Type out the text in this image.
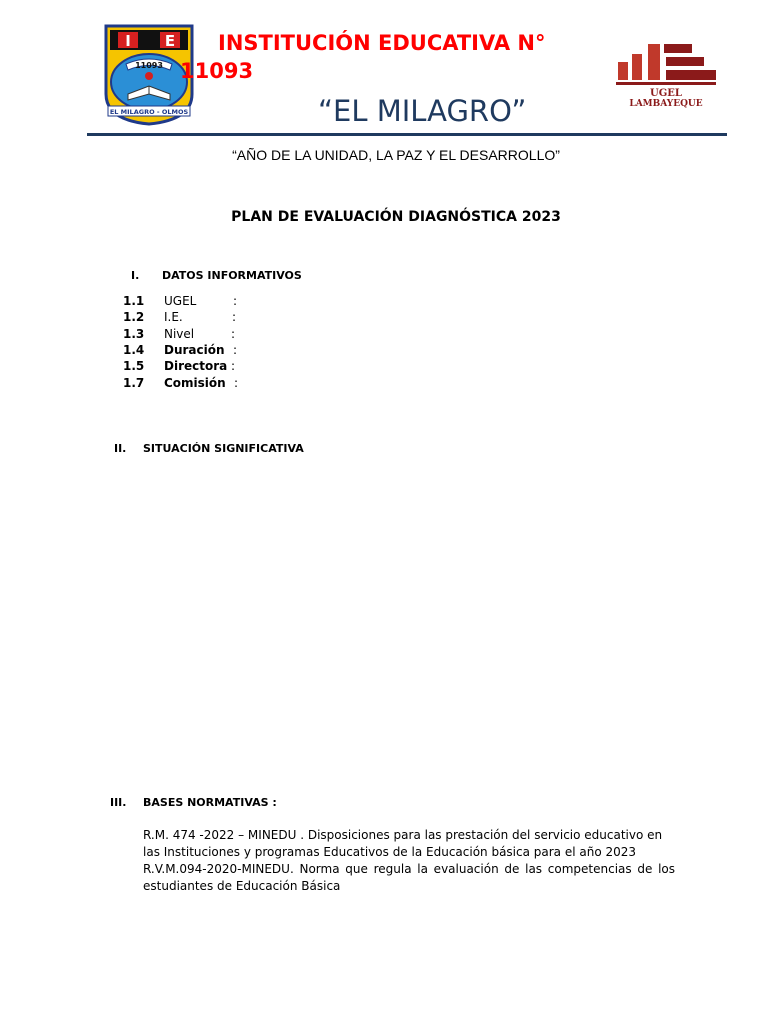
I E
11093
EL MILAGRO - OLMOS
INSTITUCIÓN EDUCATIVA N°
11093
“EL MILAGRO”
UGEL
LAMBAYEQUE
“AÑO DE LA UNIDAD, LA PAZ Y EL DESARROLLO”
PLAN DE EVALUACIÓN DIAGNÓSTICA 2023
I. DATOS INFORMATIVOS
1.1 UGEL	:
1.2 I.E.	:
1.3 Nivel	:
1.4 Duración :
1.5 Directora :
1.7 Comisión :
II. SITUACIÓN SIGNIFICATIVA
III. BASES NORMATIVAS :

R.M. 474 -2022 – MINEDU . Disposiciones para las prestación del servicio educativo en las Instituciones y programas Educativos de la Educación básica para el año 2023

R.V.M.094-2020-MINEDU. Norma que regula la evaluación de las competencias de los estudiantes de Educación Básica
